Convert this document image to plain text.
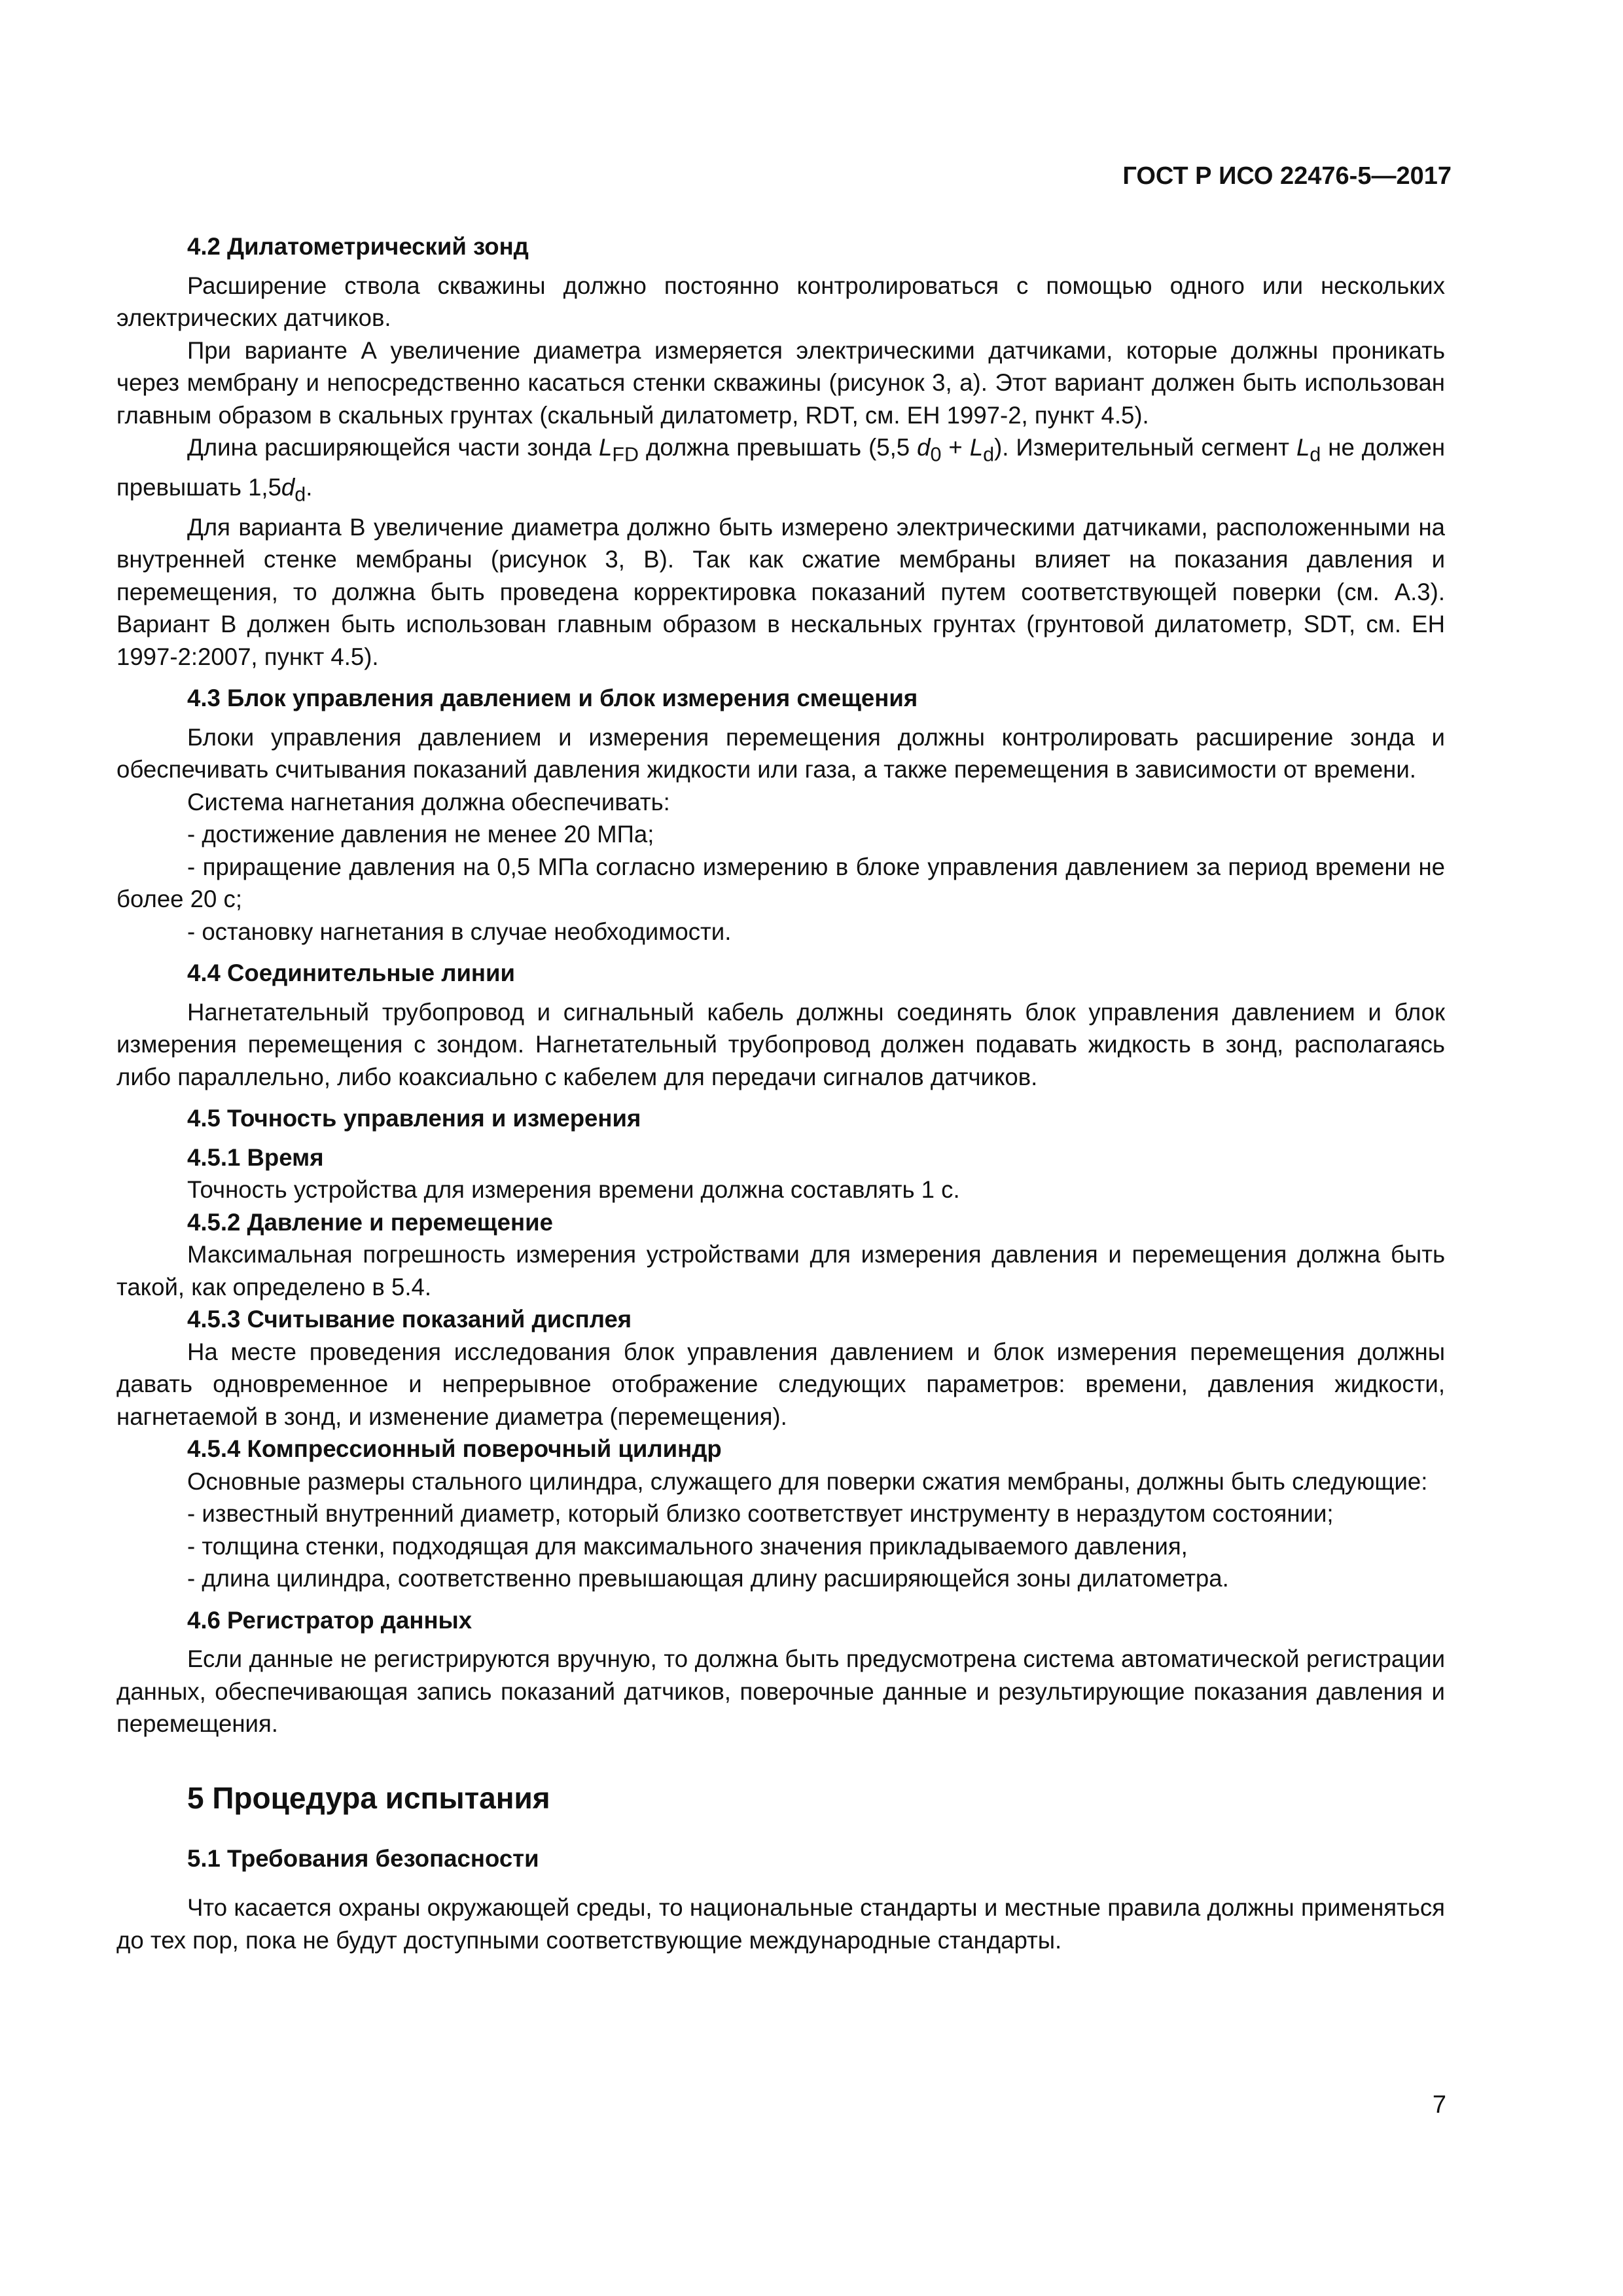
ГОСТ Р ИСО 22476-5—2017
4.2 Дилатометрический зонд
Расширение ствола скважины должно постоянно контролироваться с помощью одного или нескольких электрических датчиков.
При варианте А увеличение диаметра измеряется электрическими датчиками, которые должны проникать через мембрану и непосредственно касаться стенки скважины (рисунок 3, а). Этот вариант должен быть использован главным образом в скальных грунтах (скальный дилатометр, RDT, см. ЕН 1997-2, пункт 4.5).
Длина расширяющейся части зонда $L_{FD}$ должна превышать (5,5 $d_0 + L_d$). Измерительный сегмент $L_d$ не должен превышать $1,5d_d$.
Для варианта В увеличение диаметра должно быть измерено электрическими датчиками, расположенными на внутренней стенке мембраны (рисунок 3, В). Так как сжатие мембраны влияет на показания давления и перемещения, то должна быть проведена корректировка показаний путем соответствующей поверки (см. А.3). Вариант В должен быть использован главным образом в нескальных грунтах (грунтовой дилатометр, SDT, см. ЕН 1997-2:2007, пункт 4.5).
4.3 Блок управления давлением и блок измерения смещения
Блоки управления давлением и измерения перемещения должны контролировать расширение зонда и обеспечивать считывания показаний давления жидкости или газа, а также перемещения в зависимости от времени.
Система нагнетания должна обеспечивать:
- достижение давления не менее 20 МПа;
- приращение давления на 0,5 МПа согласно измерению в блоке управления давлением за период времени не более 20 с;
- остановку нагнетания в случае необходимости.
4.4 Соединительные линии
Нагнетательный трубопровод и сигнальный кабель должны соединять блок управления давлением и блок измерения перемещения с зондом. Нагнетательный трубопровод должен подавать жидкость в зонд, располагаясь либо параллельно, либо коаксиально с кабелем для передачи сигналов датчиков.
4.5 Точность управления и измерения
4.5.1 Время
Точность устройства для измерения времени должна составлять 1 с.
4.5.2 Давление и перемещение
Максимальная погрешность измерения устройствами для измерения давления и перемещения должна быть такой, как определено в 5.4.
4.5.3 Считывание показаний дисплея
На месте проведения исследования блок управления давлением и блок измерения перемещения должны давать одновременное и непрерывное отображение следующих параметров: времени, давления жидкости, нагнетаемой в зонд, и изменение диаметра (перемещения).
4.5.4 Компрессионный поверочный цилиндр
Основные размеры стального цилиндра, служащего для поверки сжатия мембраны, должны быть следующие:
- известный внутренний диаметр, который близко соответствует инструменту в нераздутом состоянии;
- толщина стенки, подходящая для максимального значения прикладываемого давления,
- длина цилиндра, соответственно превышающая длину расширяющейся зоны дилатометра.
4.6 Регистратор данных
Если данные не регистрируются вручную, то должна быть предусмотрена система автоматической регистрации данных, обеспечивающая запись показаний датчиков, поверочные данные и результирующие показания давления и перемещения.
5 Процедура испытания
5.1 Требования безопасности
Что касается охраны окружающей среды, то национальные стандарты и местные правила должны применяться до тех пор, пока не будут доступными соответствующие международные стандарты.
7
